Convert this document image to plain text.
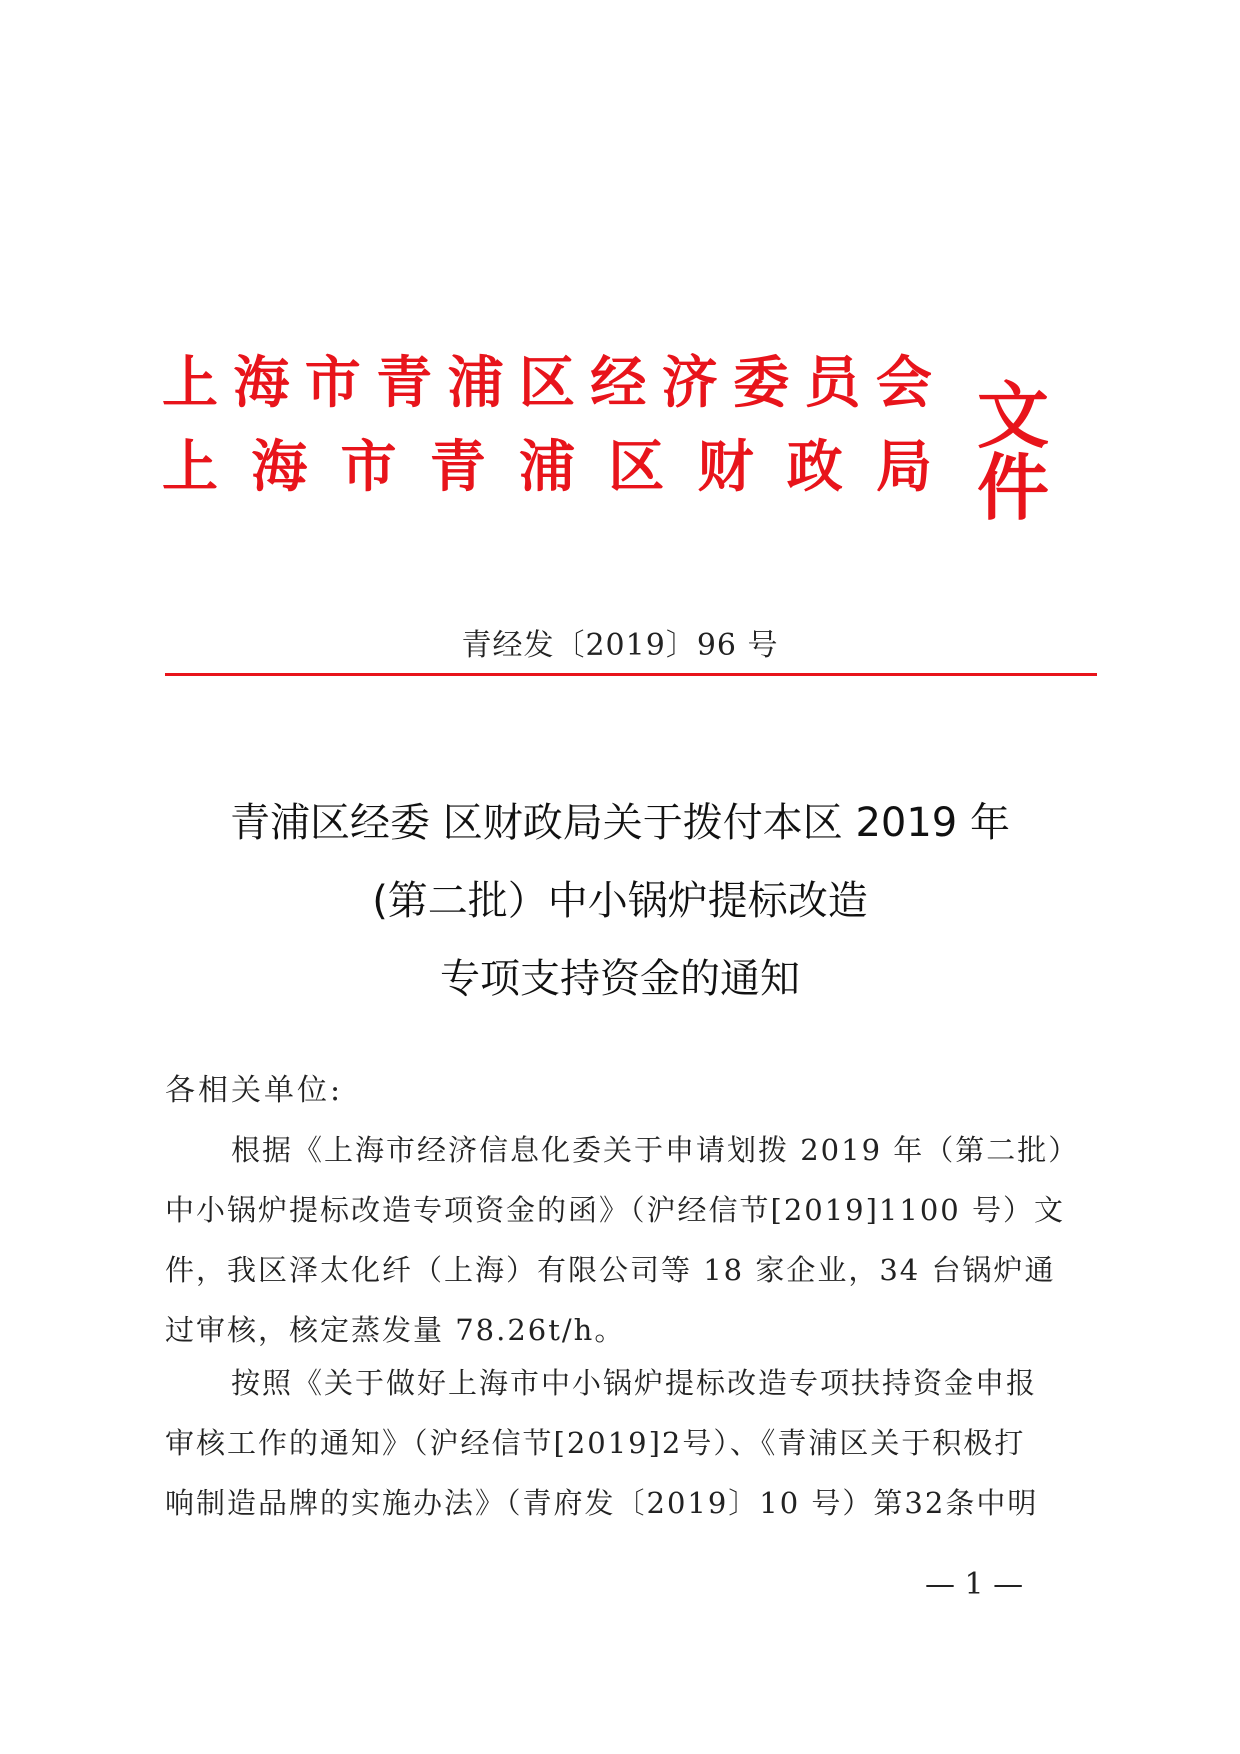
上 海 市 青 浦 区 经 济 委 员 会
上 海 市 青 浦 区 财 政 局
文件
青经发〔2019〕96 号
青浦区经委 区财政局关于拨付本区 2019 年
(第二批）中小锅炉提标改造
专项支持资金的通知
各相关单位:
根据《上海市经济信息化委关于申请划拨 2019 年（第二批）
中小锅炉提标改造专项资金的函》（沪经信节[2019]1100 号）文
件，我区泽太化纤（上海）有限公司等 18 家企业，34 台锅炉通
过审核，核定蒸发量 78.26t/h。
按照《关于做好上海市中小锅炉提标改造专项扶持资金申报
审核工作的通知》（沪经信节[2019]2号）、《青浦区关于积极打
响制造品牌的实施办法》（青府发〔2019〕10 号）第32条中明
— 1 —
